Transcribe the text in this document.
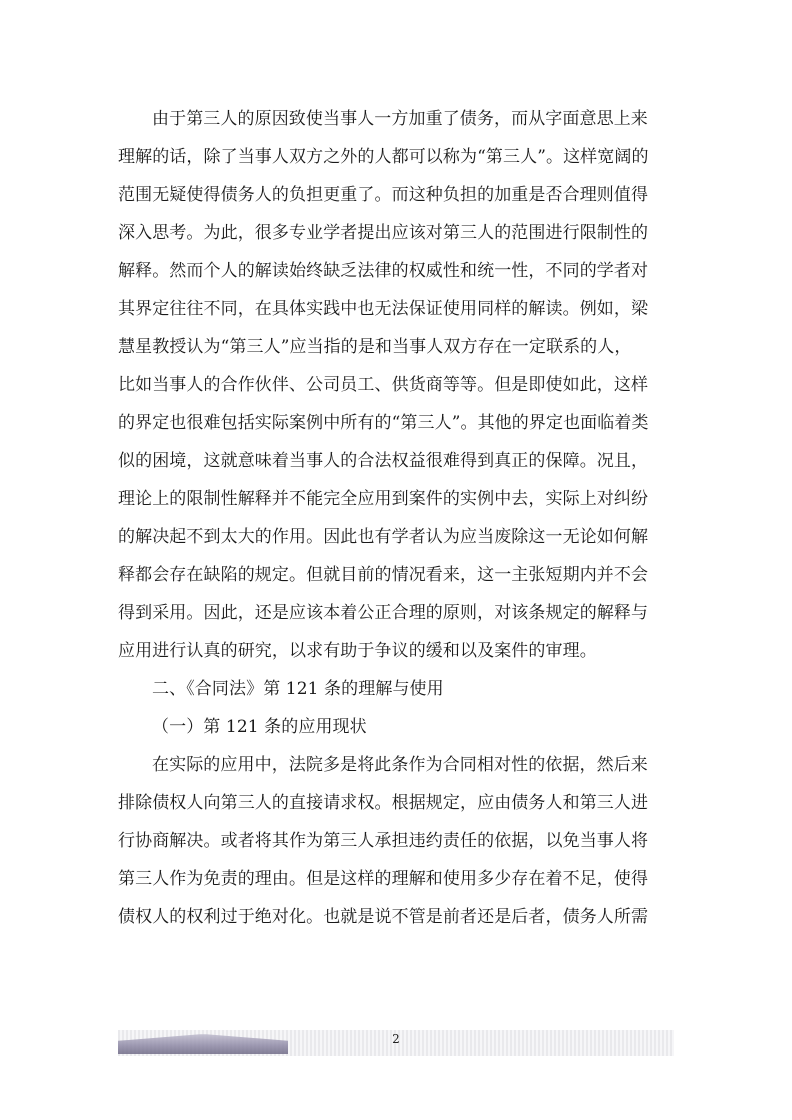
由于第三人的原因致使当事人一方加重了债务，而从字面意思上来
理解的话，除了当事人双方之外的人都可以称为“第三人”。这样宽阔的
范围无疑使得债务人的负担更重了。而这种负担的加重是否合理则值得
深入思考。为此，很多专业学者提出应该对第三人的范围进行限制性的
解释。然而个人的解读始终缺乏法律的权威性和统一性，不同的学者对
其界定往往不同，在具体实践中也无法保证使用同样的解读。例如，梁
慧星教授认为“第三人”应当指的是和当事人双方存在一定联系的人，
比如当事人的合作伙伴、公司员工、供货商等等。但是即使如此，这样
的界定也很难包括实际案例中所有的“第三人”。其他的界定也面临着类
似的困境，这就意味着当事人的合法权益很难得到真正的保障。况且，
理论上的限制性解释并不能完全应用到案件的实例中去，实际上对纠纷
的解决起不到太大的作用。因此也有学者认为应当废除这一无论如何解
释都会存在缺陷的规定。但就目前的情况看来，这一主张短期内并不会
得到采用。因此，还是应该本着公正合理的原则，对该条规定的解释与
应用进行认真的研究，以求有助于争议的缓和以及案件的审理。
二、《合同法》第 121 条的理解与使用
（一）第 121 条的应用现状
在实际的应用中，法院多是将此条作为合同相对性的依据，然后来
排除债权人向第三人的直接请求权。根据规定，应由债务人和第三人进
行协商解决。或者将其作为第三人承担违约责任的依据，以免当事人将
第三人作为免责的理由。但是这样的理解和使用多少存在着不足，使得
债权人的权利过于绝对化。也就是说不管是前者还是后者，债务人所需
2
